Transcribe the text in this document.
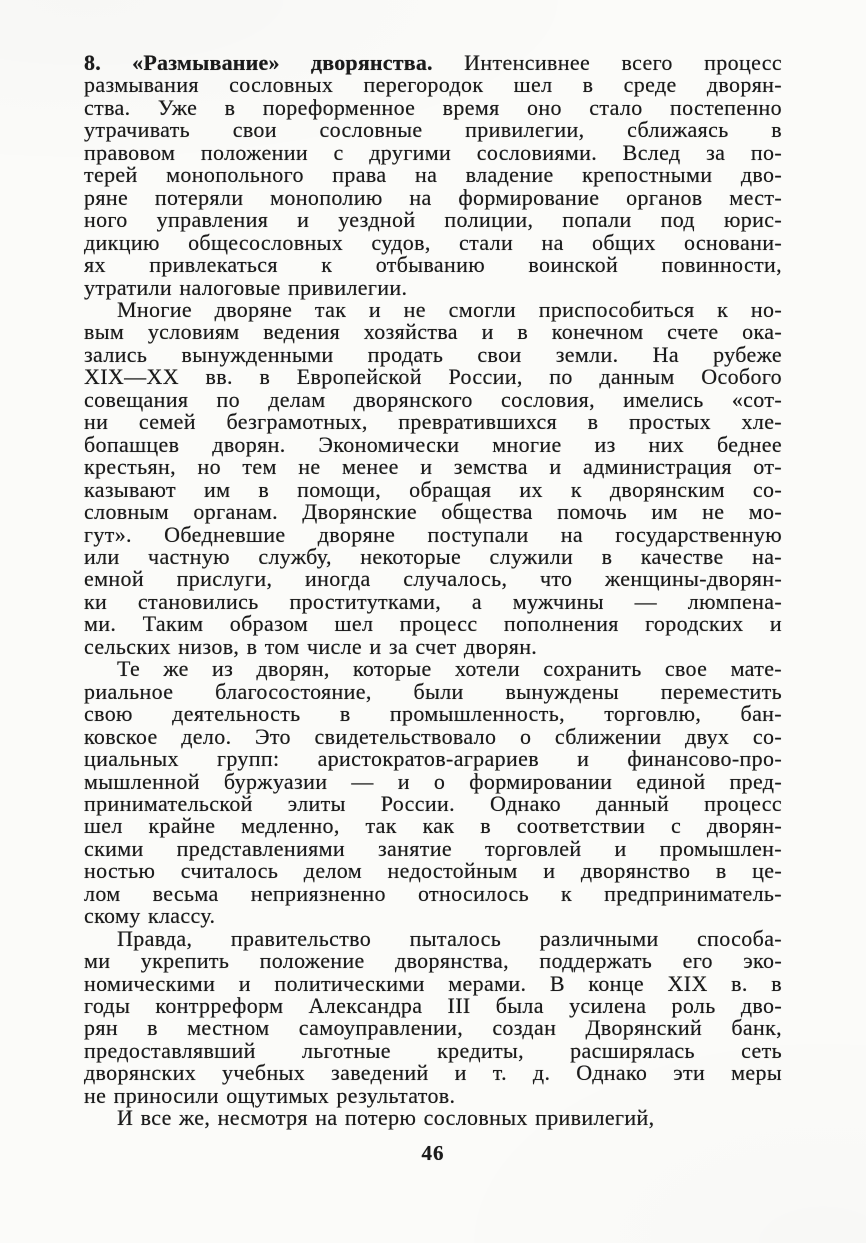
8. «Размывание» дворянства. Интенсивнее всего процесс
размывания сословных перегородок шел в среде дворян-
ства. Уже в пореформенное время оно стало постепенно
утрачивать свои сословные привилегии, сближаясь в
правовом положении с другими сословиями. Вслед за по-
терей монопольного права на владение крепостными дво-
ряне потеряли монополию на формирование органов мест-
ного управления и уездной полиции, попали под юрис-
дикцию общесословных судов, стали на общих основани-
ях привлекаться к отбыванию воинской повинности,
утратили налоговые привилегии.
Многие дворяне так и не смогли приспособиться к но-
вым условиям ведения хозяйства и в конечном счете ока-
зались вынужденными продать свои земли. На рубеже
XIX—XX вв. в Европейской России, по данным Особого
совещания по делам дворянского сословия, имелись «сот-
ни семей безграмотных, превратившихся в простых хле-
бопашцев дворян. Экономически многие из них беднее
крестьян, но тем не менее и земства и администрация от-
казывают им в помощи, обращая их к дворянским со-
словным органам. Дворянские общества помочь им не мо-
гут». Обедневшие дворяне поступали на государственную
или частную службу, некоторые служили в качестве на-
емной прислуги, иногда случалось, что женщины-дворян-
ки становились проститутками, а мужчины — люмпена-
ми. Таким образом шел процесс пополнения городских и
сельских низов, в том числе и за счет дворян.
Те же из дворян, которые хотели сохранить свое мате-
риальное благосостояние, были вынуждены переместить
свою деятельность в промышленность, торговлю, бан-
ковское дело. Это свидетельствовало о сближении двух со-
циальных групп: аристократов-аграриев и финансово-про-
мышленной буржуазии — и о формировании единой пред-
принимательской элиты России. Однако данный процесс
шел крайне медленно, так как в соответствии с дворян-
скими представлениями занятие торговлей и промышлен-
ностью считалось делом недостойным и дворянство в це-
лом весьма неприязненно относилось к предприниматель-
скому классу.
Правда, правительство пыталось различными способа-
ми укрепить положение дворянства, поддержать его эко-
номическими и политическими мерами. В конце XIX в. в
годы контрреформ Александра III была усилена роль дво-
рян в местном самоуправлении, создан Дворянский банк,
предоставлявший льготные кредиты, расширялась сеть
дворянских учебных заведений и т. д. Однако эти меры
не приносили ощутимых результатов.
И все же, несмотря на потерю сословных привилегий,
46
